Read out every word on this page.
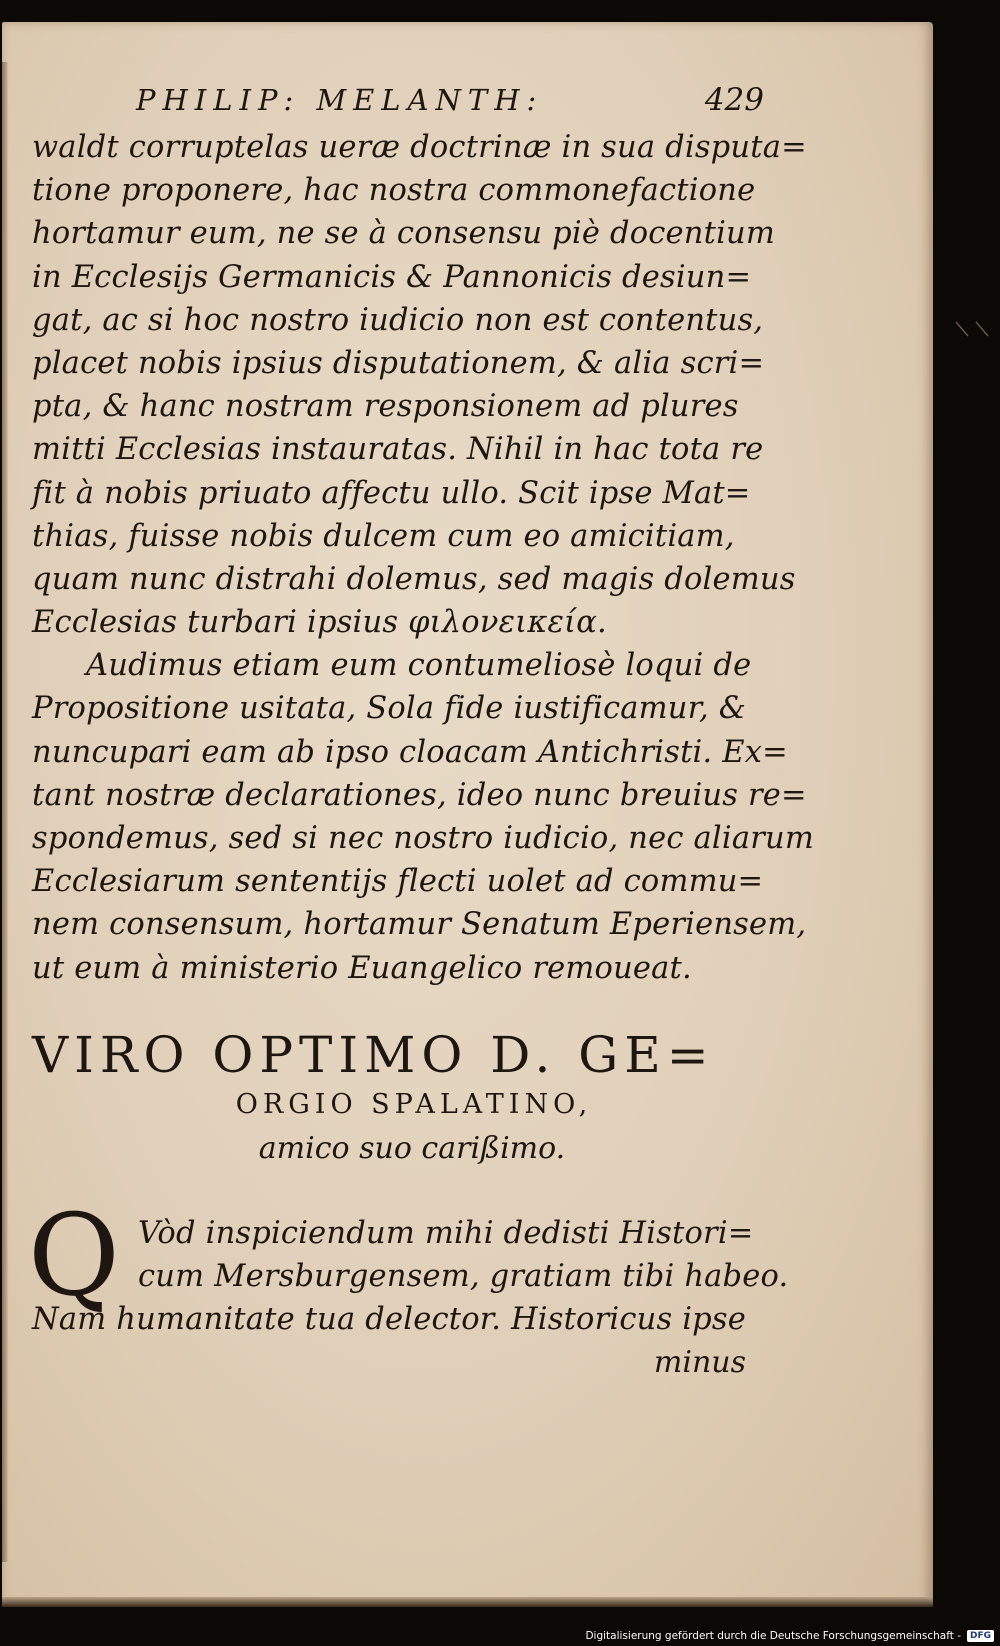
PHILIP: MELANTH:	429
waldt corruptelas ueræ doctrinæ in sua disputa=
tione proponere, hac nostra commonefactione
hortamur eum, ne se à consensu piè docentium
in Ecclesijs Germanicis & Pannonicis desiun=
gat, ac si hoc nostro iudicio non est contentus,
placet nobis ipsius disputationem, & alia scri=
pta, & hanc nostram responsionem ad plures
mitti Ecclesias instauratas. Nihil in hac tota re
fit à nobis priuato affectu ullo. Scit ipse Mat=
thias, fuisse nobis dulcem cum eo amicitiam,
quam nunc distrahi dolemus, sed magis dolemus
Ecclesias turbari ipsius φιλονεικεία.
Audimus etiam eum contumeliosè loqui de
Propositione usitata, Sola fide iustificamur, &
nuncupari eam ab ipso cloacam Antichristi. Ex=
tant nostræ declarationes, ideo nunc breuius re=
spondemus, sed si nec nostro iudicio, nec aliarum
Ecclesiarum sententijs flecti uolet ad commu=
nem consensum, hortamur Senatum Eperiensem,
ut eum à ministerio Euangelico remoueat.
VIRO OPTIMO D. GE=
ORGIO SPALATINO,
amico suo carißimo.
Q Vòd inspiciendum mihi dedisti Histori=
cum Mersburgensem, gratiam tibi habeo.
Nam humanitate tua delector. Historicus ipse
minus
Digitalisierung gefördert durch die Deutsche Forschungsgemeinschaft -	DFG
